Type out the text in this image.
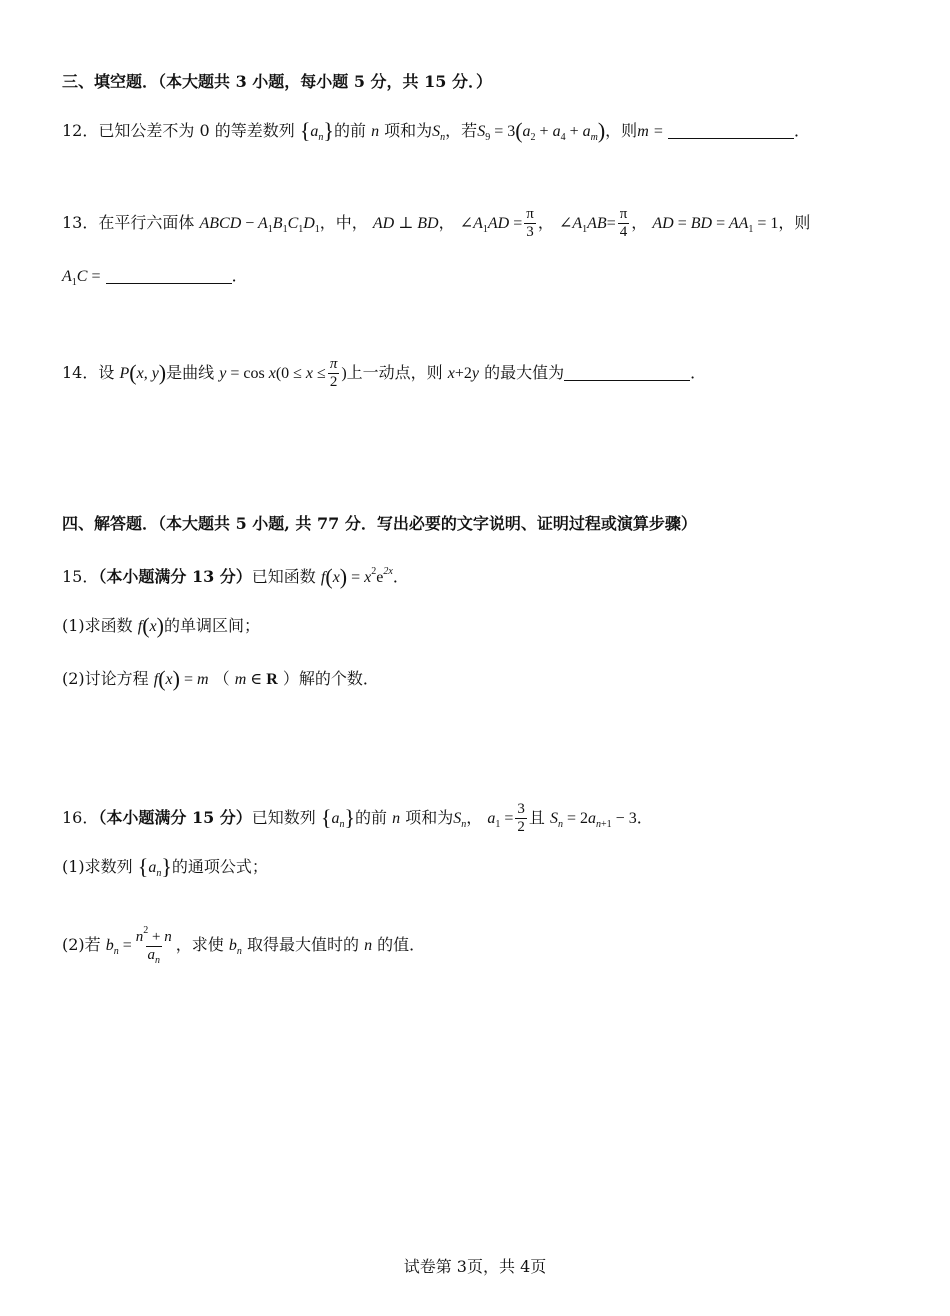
三、填空题．（本大题共 3 小题，每小题 5 分，共 15 分．）
12．已知公差不为 0 的等差数列 $\{a_n\}$的前 n 项和为$S_n$，若$S_9 = 3(a_2 + a_4 + a_m)$，则m =	．
13．在平行六面体 ABCD − $A_1B_1C_1D_1$，中， AD ⊥ BD， $\angle A_1AD = \frac{\pi}{3}$ ， $\angle A_1AB= \frac{\pi}{4}$ ， AD = BD = $AA_1 = 1$，则
$A_1C$ =	．
14．设 P(x, y)是曲线 $y = \cos x(0 \le x \le \frac{\pi}{2}$ )上一动点，则 x+2y 的最大值为	．
四、解答题．（本大题共 5 小题, 共 77 分．写出必要的文字说明、证明过程或演算步骤）
15．（本小题满分 13 分）已知函数 $f(x) = x^2e^{2x}$．
(1)求函数 f(x)的单调区间；
(2)讨论方程 f(x) = m （ m ∈ R ）解的个数．
16．（本小题满分 15 分）已知数列 $\{a_n\}$的前 n 项和为$S_n$， $a_1 = \frac{3}{2}$ 且 $S_n = 2a_{n+1} - 3$．
(1)求数列 $\{a_n\}$的通项公式；
(2)若 $b_n = \frac{n^2 + n}{a_n}$ ，求使 $b_n$ 取得最大值时的 n 的值．
试卷第 3页，共 4页
